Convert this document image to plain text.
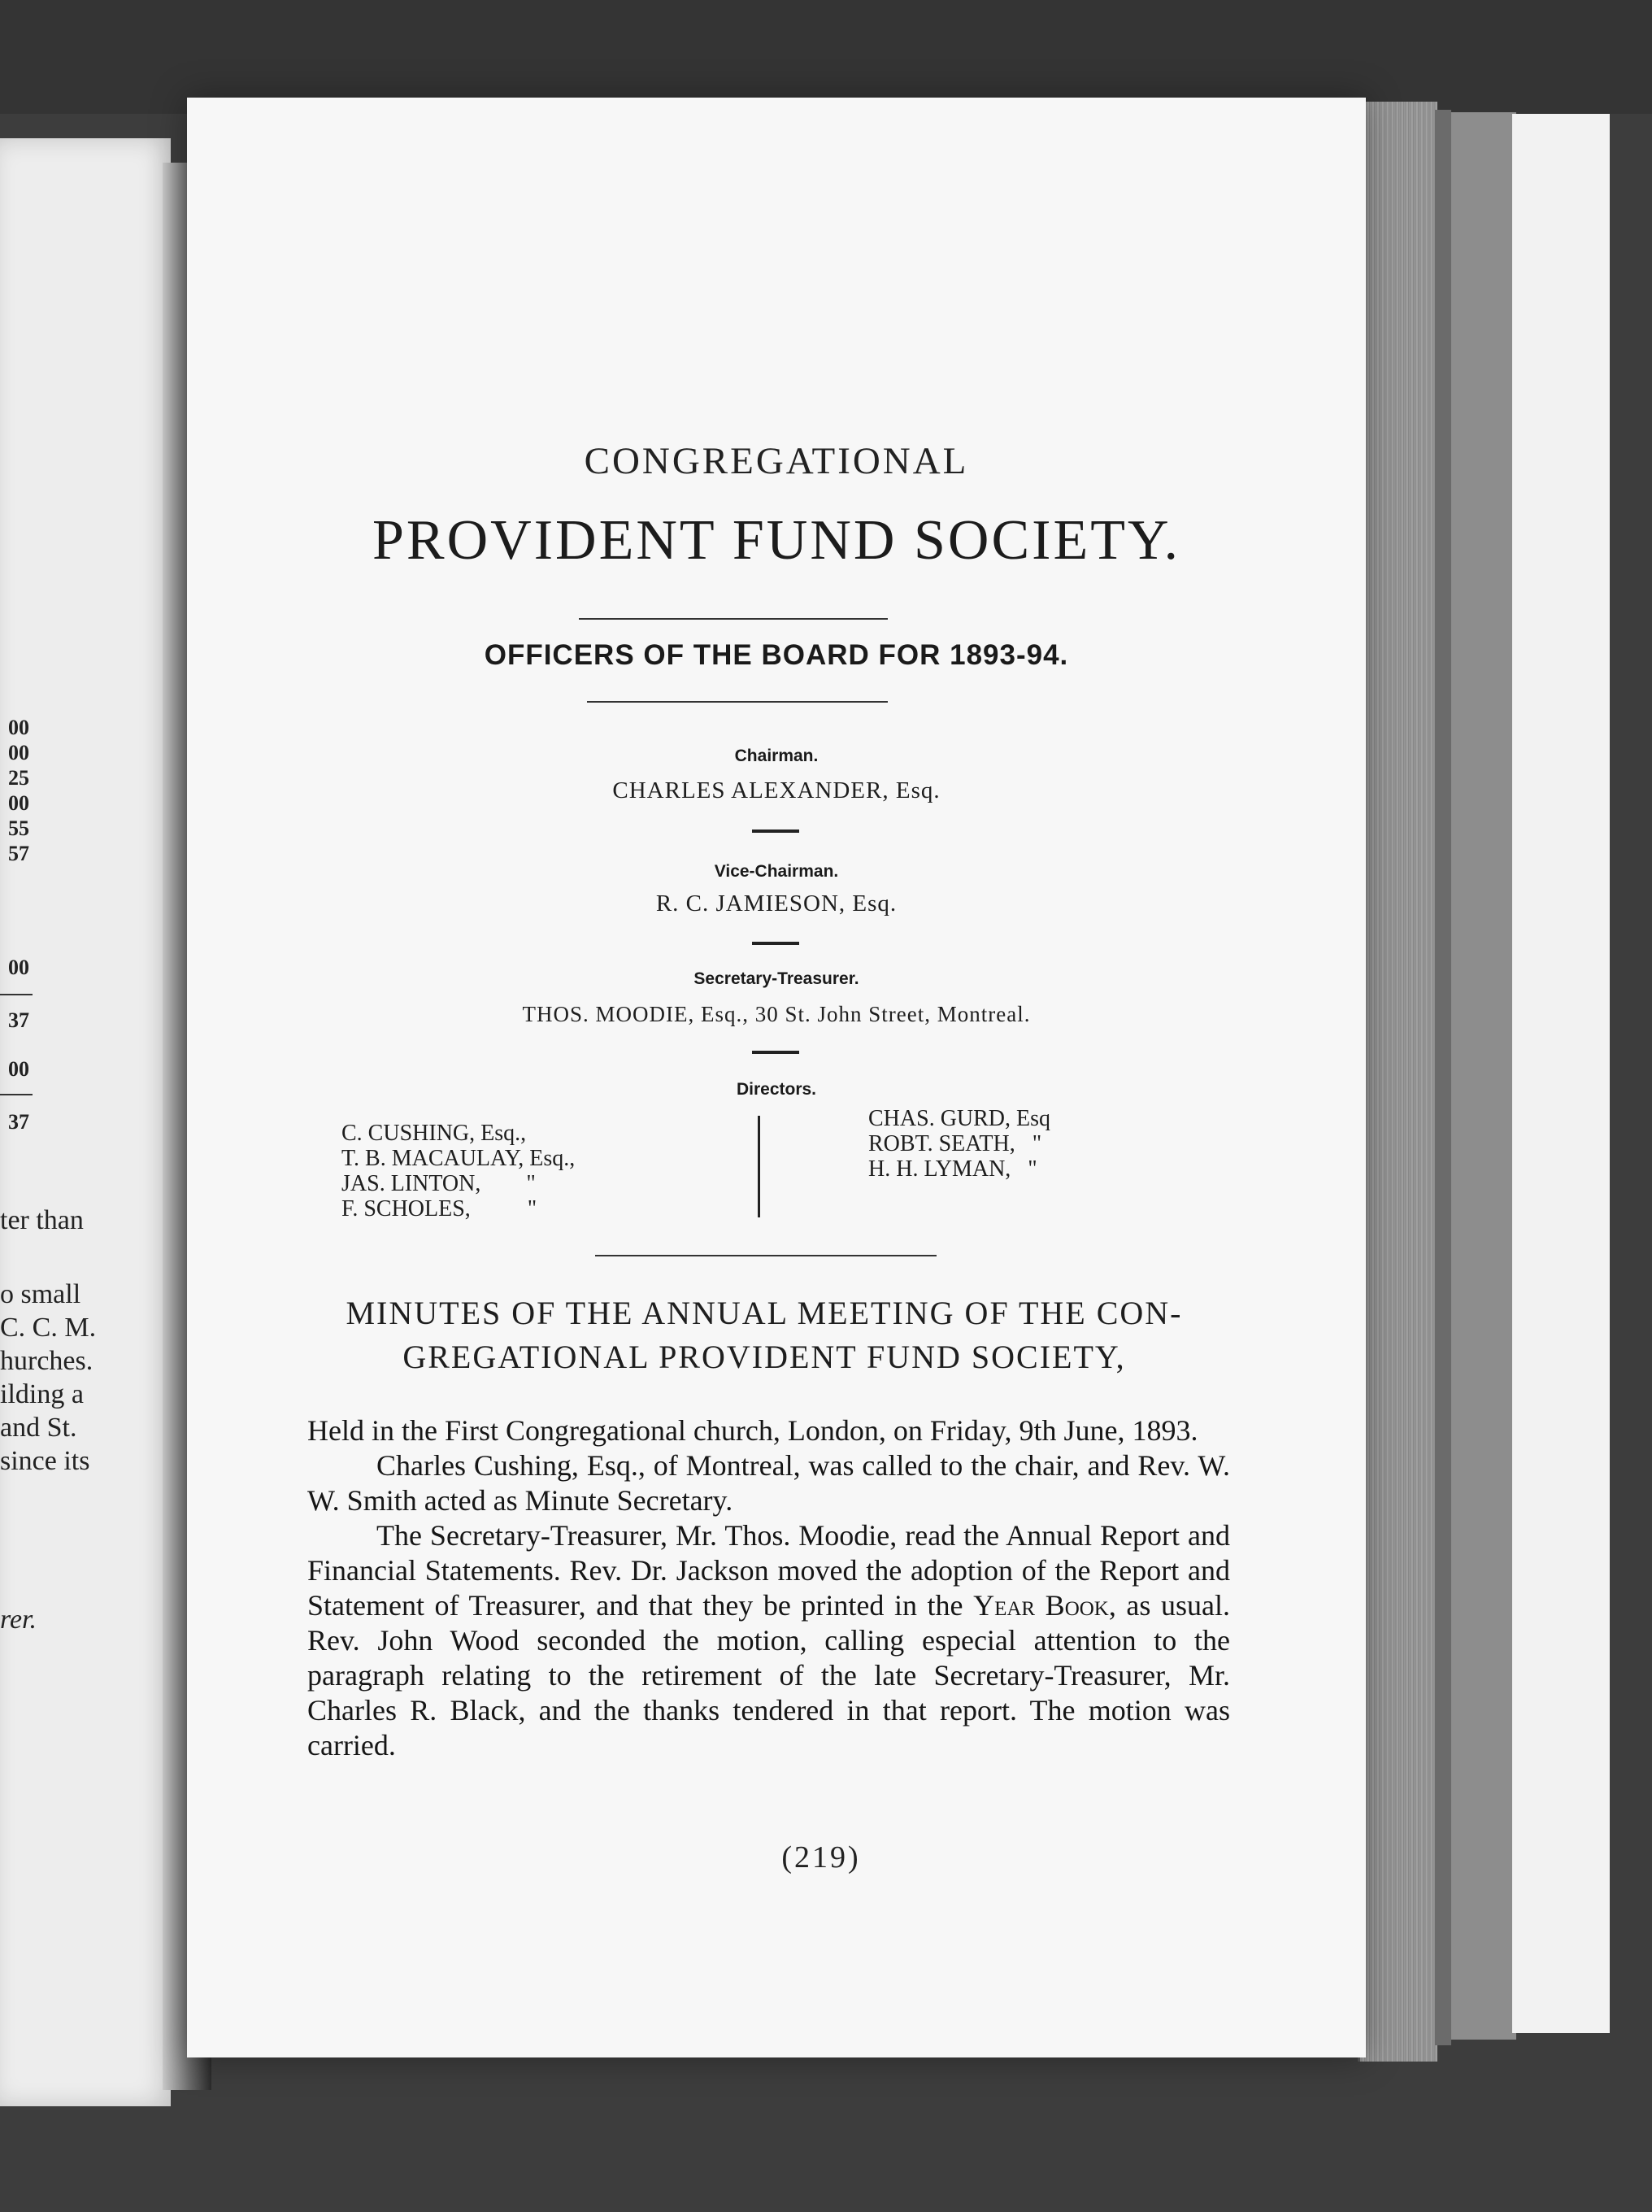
00
00
25
00
55
57
00
37
00
37
ter than
o small
C. C. M.
hurches.
ilding a
and St.
since its
rer.
CONGREGATIONAL
PROVIDENT FUND SOCIETY.
OFFICERS OF THE BOARD FOR 1893-94.
Chairman.
CHARLES ALEXANDER, Esq.
Vice-Chairman.
R. C. JAMIESON, Esq.
Secretary-Treasurer.
THOS. MOODIE, Esq., 30 St. John Street, Montreal.
Directors.
C. CUSHING, Esq.,
T. B. MACAULAY, Esq.,
JAS. LINTON,        "
F. SCHOLES,          "
CHAS. GURD, Esq
ROBT. SEATH,   "
H. H. LYMAN,   "
MINUTES OF THE ANNUAL MEETING OF THE CON-
GREGATIONAL PROVIDENT FUND SOCIETY,

Held in the First Congregational church, London, on Friday, 9th June, 1893.

Charles Cushing, Esq., of Montreal, was called to the chair, and Rev. W. W. Smith acted as Minute Secretary.

The Secretary-Treasurer, Mr. Thos. Moodie, read the Annual Report and Financial Statements. Rev. Dr. Jackson moved the adoption of the Report and Statement of Treasurer, and that they be printed in the Year Book, as usual. Rev. John Wood seconded the motion, calling especial attention to the paragraph relating to the retirement of the late Secretary-Treasurer, Mr. Charles R. Black, and the thanks tendered in that report. The motion was carried.

(219)
